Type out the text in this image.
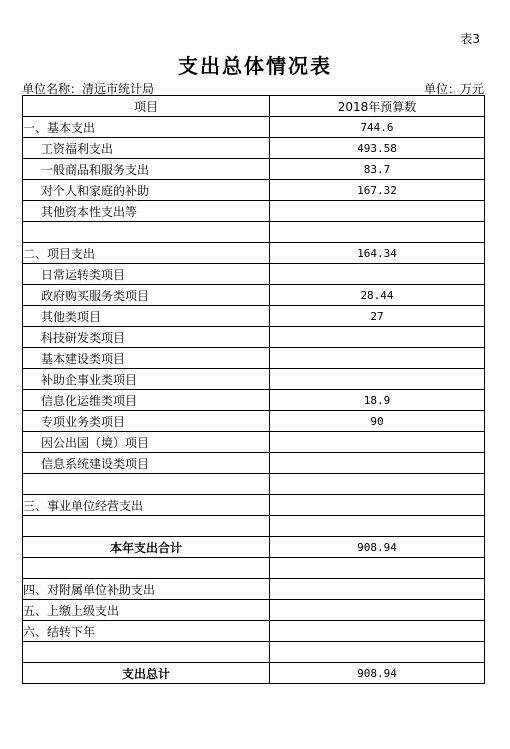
表3
支出总体情况表
单位名称：清远市统计局	单位：万元
项目	2018年预算数
一、基本支出	744.6
工资福利支出	493.58
一般商品和服务支出	83.7
对个人和家庭的补助	167.32
其他资本性支出等	

二、项目支出	164.34
日常运转类项目	
政府购买服务类项目	28.44
其他类项目	27
科技研发类项目	
基本建设类项目	
补助企事业类项目	
信息化运维类项目	18.9
专项业务类项目	90
因公出国（境）项目	
信息系统建设类项目	

三、事业单位经营支出	

本年支出合计	908.94

四、对附属单位补助支出	
五、上缴上级支出	
六、结转下年	

支出总计	908.94
